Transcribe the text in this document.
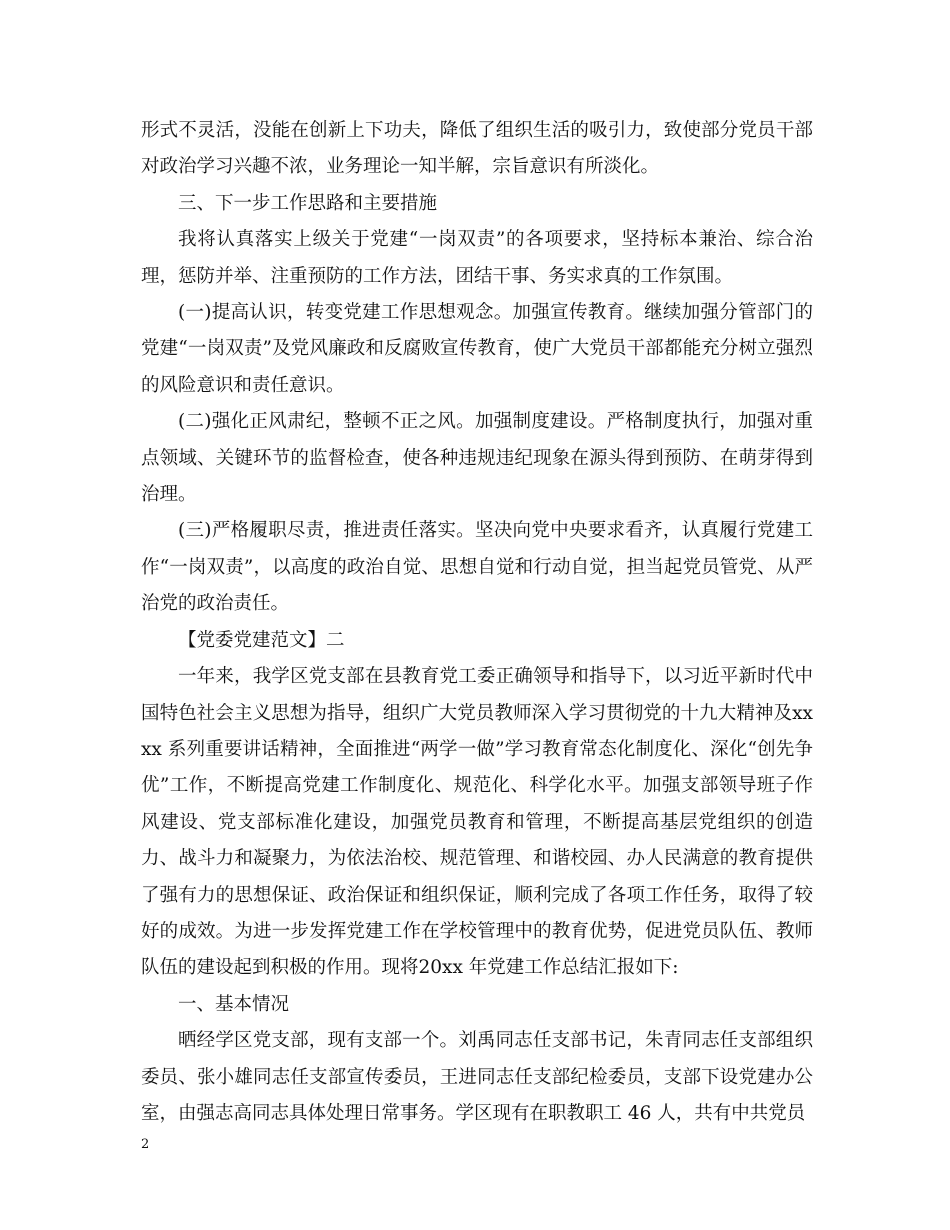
形式不灵活，没能在创新上下功夫，降低了组织生活的吸引力，致使部分党员干部对政治学习兴趣不浓，业务理论一知半解，宗旨意识有所淡化。

三、下一步工作思路和主要措施

我将认真落实上级关于党建“一岗双责”的各项要求，坚持标本兼治、综合治理，惩防并举、注重预防的工作方法，团结干事、务实求真的工作氛围。

(一)提高认识，转变党建工作思想观念。加强宣传教育。继续加强分管部门的党建“一岗双责”及党风廉政和反腐败宣传教育，使广大党员干部都能充分树立强烈的风险意识和责任意识。

(二)强化正风肃纪，整顿不正之风。加强制度建设。严格制度执行，加强对重点领域、关键环节的监督检查，使各种违规违纪现象在源头得到预防、在萌芽得到治理。

(三)严格履职尽责，推进责任落实。坚决向党中央要求看齐，认真履行党建工作“一岗双责”，以高度的政治自觉、思想自觉和行动自觉，担当起党员管党、从严治党的政治责任。

【党委党建范文】二

一年来，我学区党支部在县教育党工委正确领导和指导下，以习近平新时代中国特色社会主义思想为指导，组织广大党员教师深入学习贯彻党的十九大精神及xxxx 系列重要讲话精神，全面推进“两学一做”学习教育常态化制度化、深化“创先争优”工作，不断提高党建工作制度化、规范化、科学化水平。加强支部领导班子作风建设、党支部标准化建设，加强党员教育和管理，不断提高基层党组织的创造力、战斗力和凝聚力，为依法治校、规范管理、和谐校园、办人民满意的教育提供了强有力的思想保证、政治保证和组织保证，顺利完成了各项工作任务，取得了较好的成效。为进一步发挥党建工作在学校管理中的教育优势，促进党员队伍、教师队伍的建设起到积极的作用。现将20xx 年党建工作总结汇报如下:

一、基本情况

晒经学区党支部，现有支部一个。刘禹同志任支部书记，朱青同志任支部组织委员、张小雄同志任支部宣传委员，王进同志任支部纪检委员，支部下设党建办公室，由强志高同志具体处理日常事务。学区现有在职教职工 46 人，共有中共党员

2
